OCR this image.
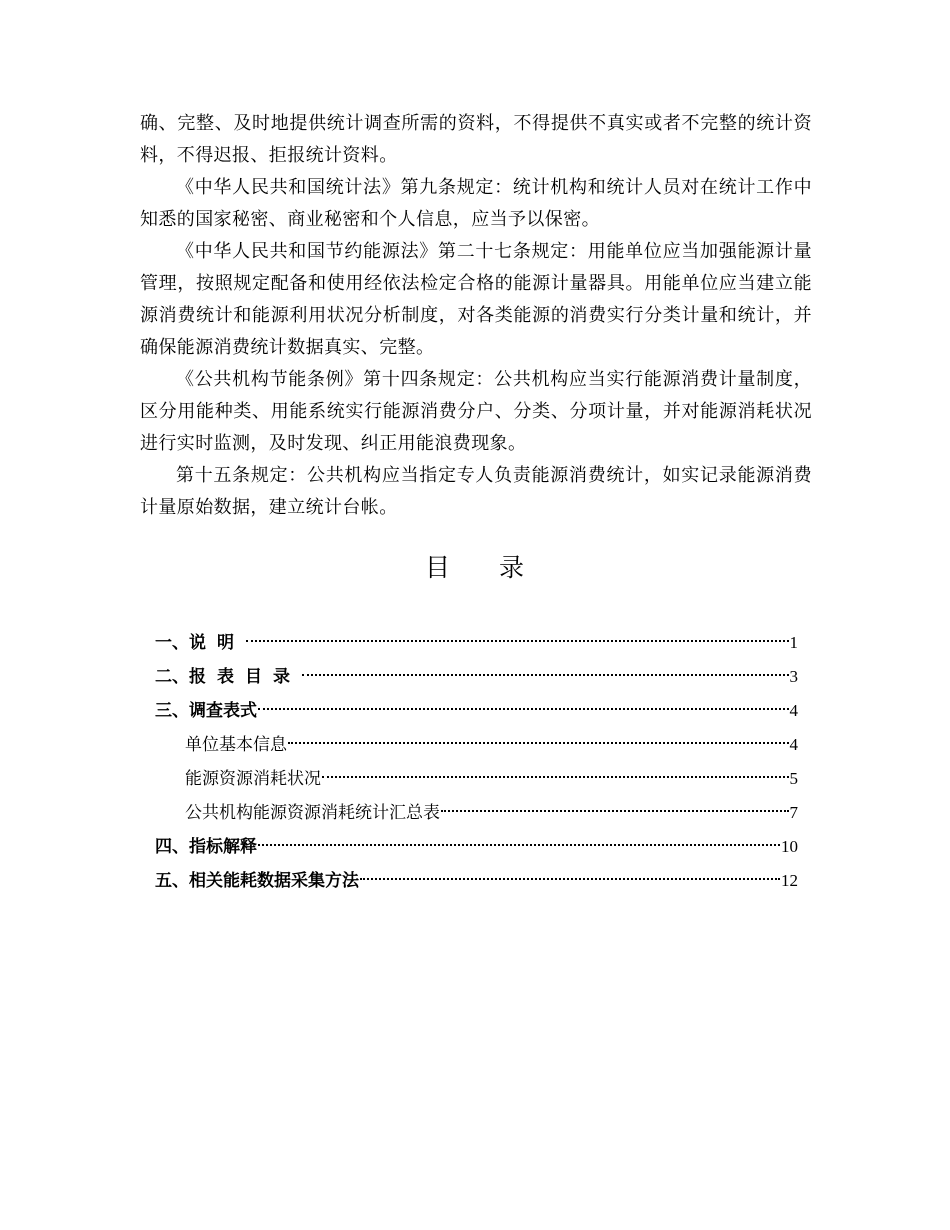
确、完整、及时地提供统计调查所需的资料，不得提供不真实或者不完整的统计资料，不得迟报、拒报统计资料。

《中华人民共和国统计法》第九条规定：统计机构和统计人员对在统计工作中知悉的国家秘密、商业秘密和个人信息，应当予以保密。

《中华人民共和国节约能源法》第二十七条规定：用能单位应当加强能源计量管理，按照规定配备和使用经依法检定合格的能源计量器具。用能单位应当建立能源消费统计和能源利用状况分析制度，对各类能源的消费实行分类计量和统计，并确保能源消费统计数据真实、完整。

《公共机构节能条例》第十四条规定：公共机构应当实行能源消费计量制度，区分用能种类、用能系统实行能源消费分户、分类、分项计量，并对能源消耗状况进行实时监测，及时发现、纠正用能浪费现象。

第十五条规定：公共机构应当指定专人负责能源消费统计，如实记录能源消费计量原始数据，建立统计台帐。

目 录
一、 说明	1
二、 报表目录	3
三、 调查表式	4
单位基本信息	4
能源资源消耗状况	5
公共机构能源资源消耗统计汇总表	7
四、 指标解释	10
五、 相关能耗数据采集方法	12
